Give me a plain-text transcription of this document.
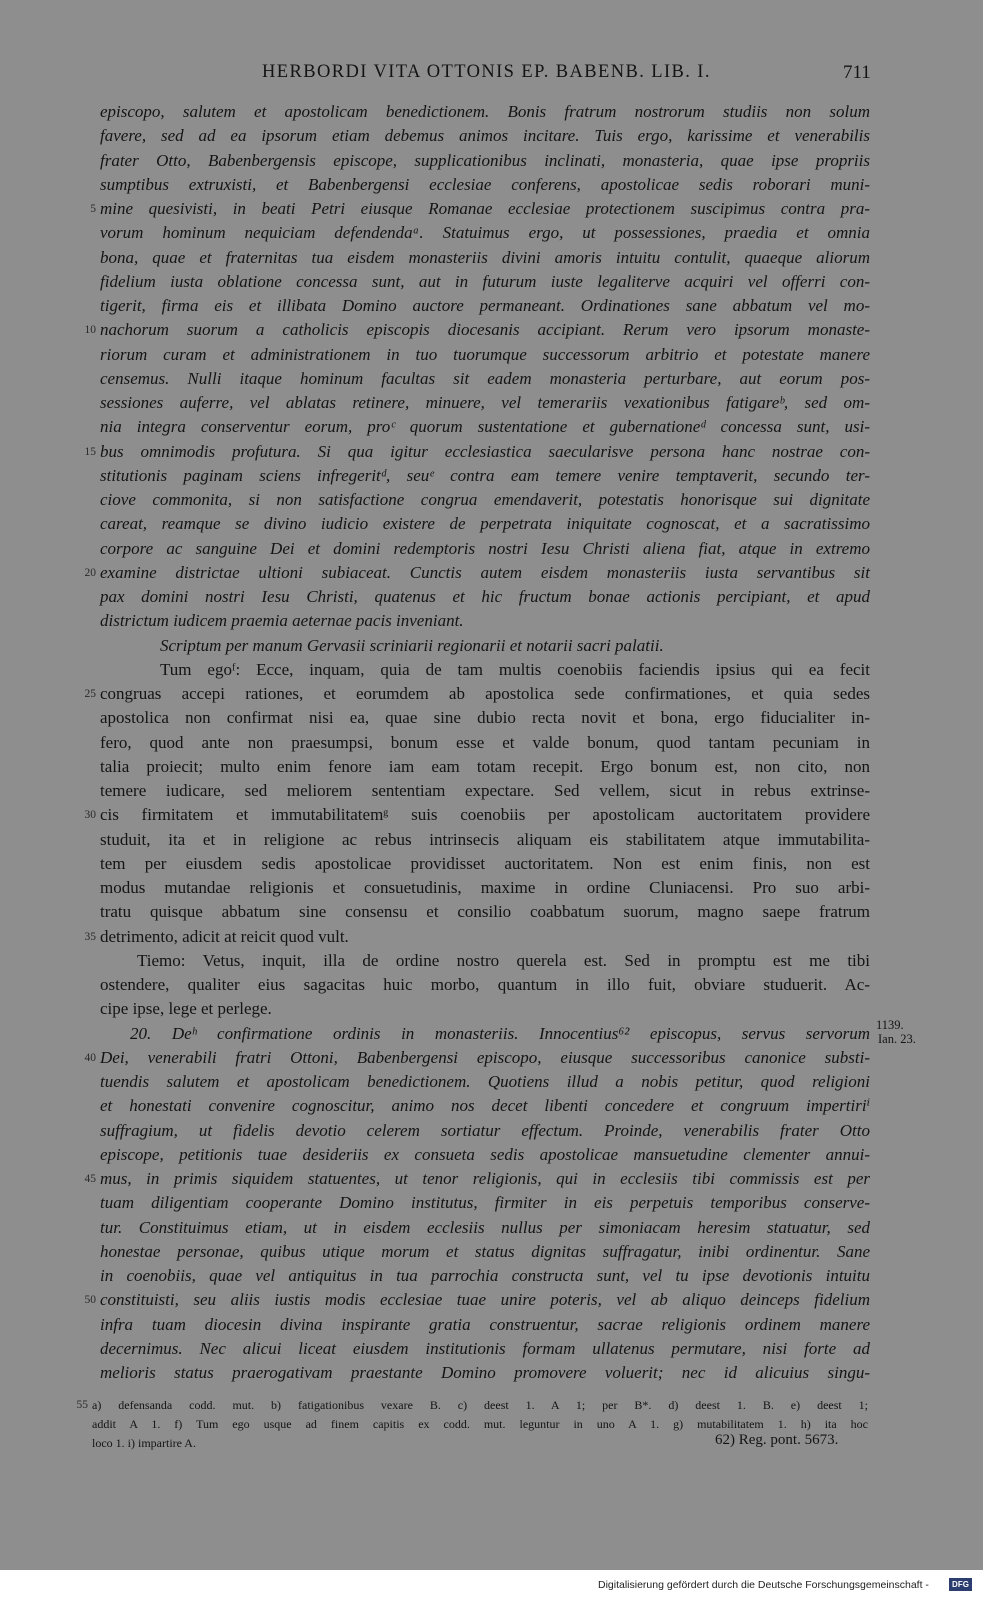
HERBORDI VITA OTTONIS EP. BABENB. LIB. I.	711
episcopo, salutem et apostolicam benedictionem. Bonis fratrum nostrorum studiis non solum
favere, sed ad ea ipsorum etiam debemus animos incitare. Tuis ergo, karissime et venerabilis
frater Otto, Babenbergensis episcope, supplicationibus inclinati, monasteria, quae ipse propriis
sumptibus extruxisti, et Babenbergensi ecclesiae conferens, apostolicae sedis roborari muni-
mine quesivisti, in beati Petri eiusque Romanae ecclesiae protectionem suscipimus contra pra-
5
vorum hominum nequiciam defendendaᵃ. Statuimus ergo, ut possessiones, praedia et omnia
bona, quae et fraternitas tua eisdem monasteriis divini amoris intuitu contulit, quaeque aliorum
fidelium iusta oblatione concessa sunt, aut in futurum iuste legaliterve acquiri vel offerri con-
tigerit, firma eis et illibata Domino auctore permaneant. Ordinationes sane abbatum vel mo-
nachorum suorum a catholicis episcopis diocesanis accipiant. Rerum vero ipsorum monaste-
10
riorum curam et administrationem in tuo tuorumque successorum arbitrio et potestate manere
censemus. Nulli itaque hominum facultas sit eadem monasteria perturbare, aut eorum pos-
sessiones auferre, vel ablatas retinere, minuere, vel temerariis vexationibus fatigareᵇ, sed om-
nia integra conserventur eorum, proᶜ quorum sustentatione et gubernationeᵈ concessa sunt, usi-
bus omnimodis profutura. Si qua igitur ecclesiastica saecularisve persona hanc nostrae con-
15
stitutionis paginam sciens infregeritᵈ, seuᵉ contra eam temere venire temptaverit, secundo ter-
ciove commonita, si non satisfactione congrua emendaverit, potestatis honorisque sui dignitate
careat, reamque se divino iudicio existere de perpetrata iniquitate cognoscat, et a sacratissimo
corpore ac sanguine Dei et domini redemptoris nostri Iesu Christi aliena fiat, atque in extremo
examine districtae ultioni subiaceat. Cunctis autem eisdem monasteriis iusta servantibus sit
20
pax domini nostri Iesu Christi, quatenus et hic fructum bonae actionis percipiant, et apud
districtum iudicem praemia aeternae pacis inveniant.
Scriptum per manum Gervasii scriniarii regionarii et notarii sacri palatii.
Tum egoᶠ: Ecce, inquam, quia de tam multis coenobiis faciendis ipsius qui ea fecit
congruas accepi rationes, et eorumdem ab apostolica sede confirmationes, et quia sedes
25
apostolica non confirmat nisi ea, quae sine dubio recta novit et bona, ergo fiducialiter in-
fero, quod ante non praesumpsi, bonum esse et valde bonum, quod tantam pecuniam in
talia proiecit; multo enim fenore iam eam totam recepit. Ergo bonum est, non cito, non
temere iudicare, sed meliorem sententiam expectare. Sed vellem, sicut in rebus extrinse-
cis firmitatem et immutabilitatemᵍ suis coenobiis per apostolicam auctoritatem providere
30
studuit, ita et in religione ac rebus intrinsecis aliquam eis stabilitatem atque immutabilita-
tem per eiusdem sedis apostolicae providisset auctoritatem. Non est enim finis, non est
modus mutandae religionis et consuetudinis, maxime in ordine Cluniacensi. Pro suo arbi-
tratu quisque abbatum sine consensu et consilio coabbatum suorum, magno saepe fratrum
detrimento, adicit at reicit quod vult.
35
Tiemo: Vetus, inquit, illa de ordine nostro querela est. Sed in promptu est me tibi
ostendere, qualiter eius sagacitas huic morbo, quantum in illo fuit, obviare studuerit. Ac-
cipe ipse, lege et perlege.
20. Deʰ confirmatione ordinis in monasteriis. Innocentius⁶² episcopus, servus servorum
Dei, venerabili fratri Ottoni, Babenbergensi episcopo, eiusque successoribus canonice substi-
40
tuendis salutem et apostolicam benedictionem. Quotiens illud a nobis petitur, quod religioni
et honestati convenire cognoscitur, animo nos decet libenti concedere et congruum impertiriⁱ
suffragium, ut fidelis devotio celerem sortiatur effectum. Proinde, venerabilis frater Otto
episcope, petitionis tuae desideriis ex consueta sedis apostolicae mansuetudine clementer annui-
mus, in primis siquidem statuentes, ut tenor religionis, qui in ecclesiis tibi commissis est per
45
tuam diligentiam cooperante Domino institutus, firmiter in eis perpetuis temporibus conserve-
tur. Constituimus etiam, ut in eisdem ecclesiis nullus per simoniacam heresim statuatur, sed
honestae personae, quibus utique morum et status dignitas suffragatur, inibi ordinentur. Sane
in coenobiis, quae vel antiquitus in tua parrochia constructa sunt, vel tu ipse devotionis intuitu
constituisti, seu aliis iustis modis ecclesiae tuae unire poteris, vel ab aliquo deinceps fidelium
50
infra tuam diocesin divina inspirante gratia construentur, sacrae religionis ordinem manere
decernimus. Nec alicui liceat eiusdem institutionis formam ullatenus permutare, nisi forte ad
melioris status praerogativam praestante Domino promovere voluerit; nec id alicuius singu-
1139.
Ian. 23.
a) defensanda codd. mut. b) fatigationibus vexare B. c) deest 1. A 1; per B*. d) deest 1. B. e) deest 1;
55
addit A 1. f) Tum ego usque ad finem capitis ex codd. mut. leguntur in uno A 1. g) mutabilitatem 1. h) ita hoc
loco 1. i) impartire A.	62) Reg. pont. 5673.
Digitalisierung gefördert durch die Deutsche Forschungsgemeinschaft -	DFG
